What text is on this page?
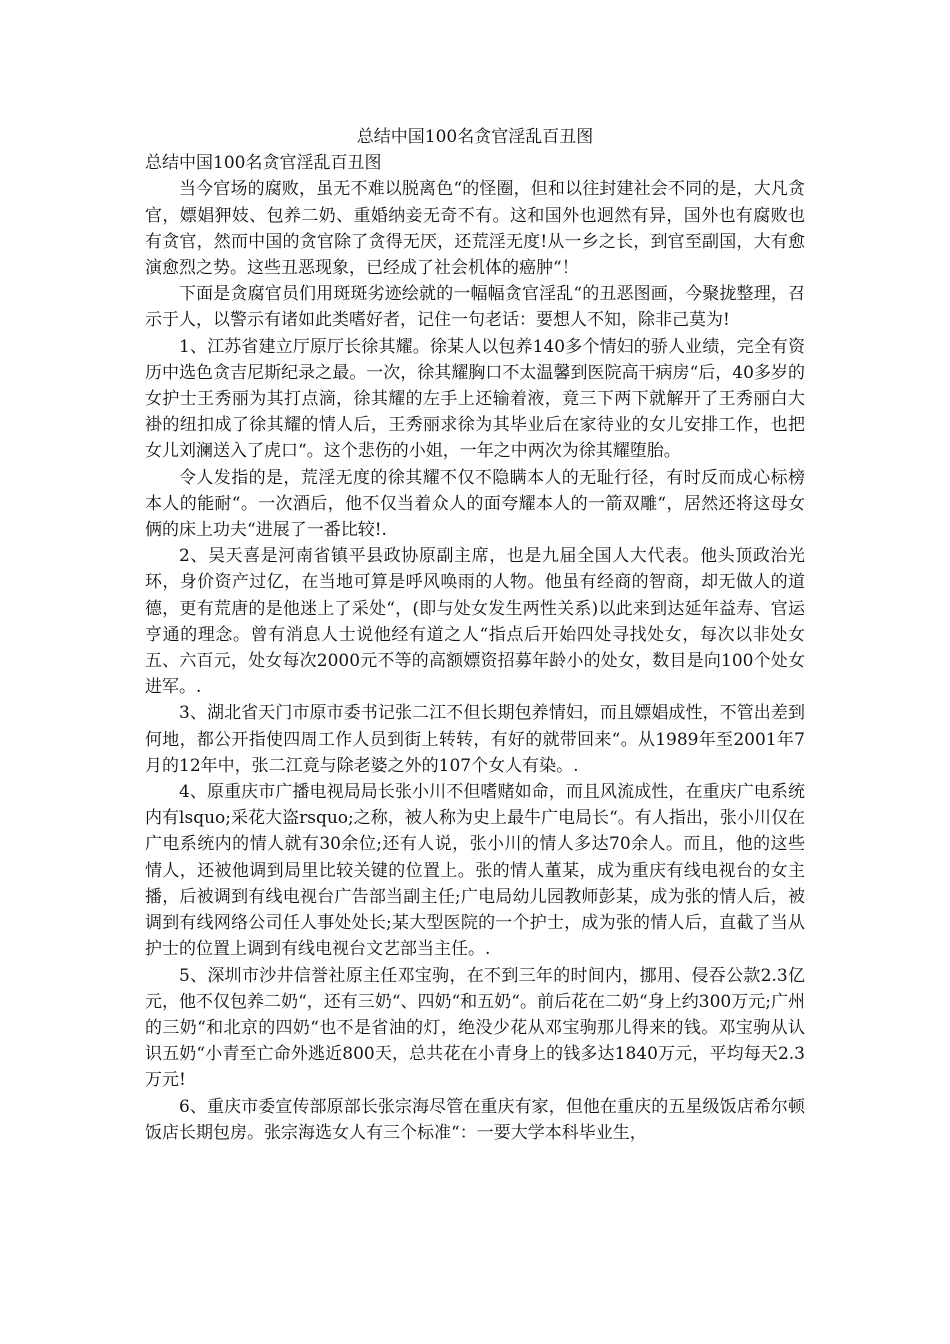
总结中国100名贪官淫乱百丑图

总结中国100名贪官淫乱百丑图

当今官场的腐败，虽无不难以脱离色“的怪圈，但和以往封建社会不同的是，大凡贪官，嫖娼狎妓、包养二奶、重婚纳妾无奇不有。这和国外也迥然有异，国外也有腐败也有贪官，然而中国的贪官除了贪得无厌，还荒淫无度!从一乡之长，到官至副国，大有愈演愈烈之势。这些丑恶现象，已经成了社会机体的癌肿“！

下面是贪腐官员们用斑斑劣迹绘就的一幅幅贪官淫乱“的丑恶图画，今聚拢整理，召示于人，以警示有诸如此类嗜好者，记住一句老话：要想人不知，除非己莫为!

1、江苏省建立厅原厅长徐其耀。徐某人以包养140多个情妇的骄人业绩，完全有资历中选色贪吉尼斯纪录之最。一次，徐其耀胸口不太温馨到医院高干病房“后，40多岁的女护士王秀丽为其打点滴，徐其耀的左手上还输着液，竟三下两下就解开了王秀丽白大褂的纽扣成了徐其耀的情人后，王秀丽求徐为其毕业后在家待业的女儿安排工作，也把女儿刘澜送入了虎口“。这个悲伤的小姐，一年之中两次为徐其耀堕胎。

令人发指的是，荒淫无度的徐其耀不仅不隐瞒本人的无耻行径，有时反而成心标榜本人的能耐“。一次酒后，他不仅当着众人的面夸耀本人的一箭双雕“，居然还将这母女俩的床上功夫“进展了一番比较!.

2、吴天喜是河南省镇平县政协原副主席，也是九届全国人大代表。他头顶政治光环，身价资产过亿，在当地可算是呼风唤雨的人物。他虽有经商的智商，却无做人的道德，更有荒唐的是他迷上了采处“，(即与处女发生两性关系)以此来到达延年益寿、官运亨通的理念。曾有消息人士说他经有道之人“指点后开始四处寻找处女，每次以非处女五、六百元，处女每次2000元不等的高额嫖资招募年龄小的处女，数目是向100个处女进军。.

3、湖北省天门市原市委书记张二江不但长期包养情妇，而且嫖娼成性，不管出差到何地，都公开指使四周工作人员到街上转转，有好的就带回来“。从1989年至2001年7月的12年中，张二江竟与除老婆之外的107个女人有染。.

4、原重庆市广播电视局局长张小川不但嗜赌如命，而且风流成性，在重庆广电系统内有lsquo;采花大盗rsquo;之称，被人称为史上最牛广电局长“。有人指出，张小川仅在广电系统内的情人就有30余位;还有人说，张小川的情人多达70余人。而且，他的这些情人，还被他调到局里比较关键的位置上。张的情人董某，成为重庆有线电视台的女主播，后被调到有线电视台广告部当副主任;广电局幼儿园教师彭某，成为张的情人后，被调到有线网络公司任人事处处长;某大型医院的一个护士，成为张的情人后，直截了当从护士的位置上调到有线电视台文艺部当主任。.

5、深圳市沙井信誉社原主任邓宝驹，在不到三年的时间内，挪用、侵吞公款2.3亿元，他不仅包养二奶“，还有三奶“、四奶“和五奶“。前后花在二奶“身上约300万元;广州的三奶“和北京的四奶“也不是省油的灯，绝没少花从邓宝驹那儿得来的钱。邓宝驹从认识五奶“小青至亡命外逃近800天，总共花在小青身上的钱多达1840万元，平均每天2.3万元!

6、重庆市委宣传部原部长张宗海尽管在重庆有家，但他在重庆的五星级饭店希尔顿饭店长期包房。张宗海选女人有三个标准“：一要大学本科毕业生，
